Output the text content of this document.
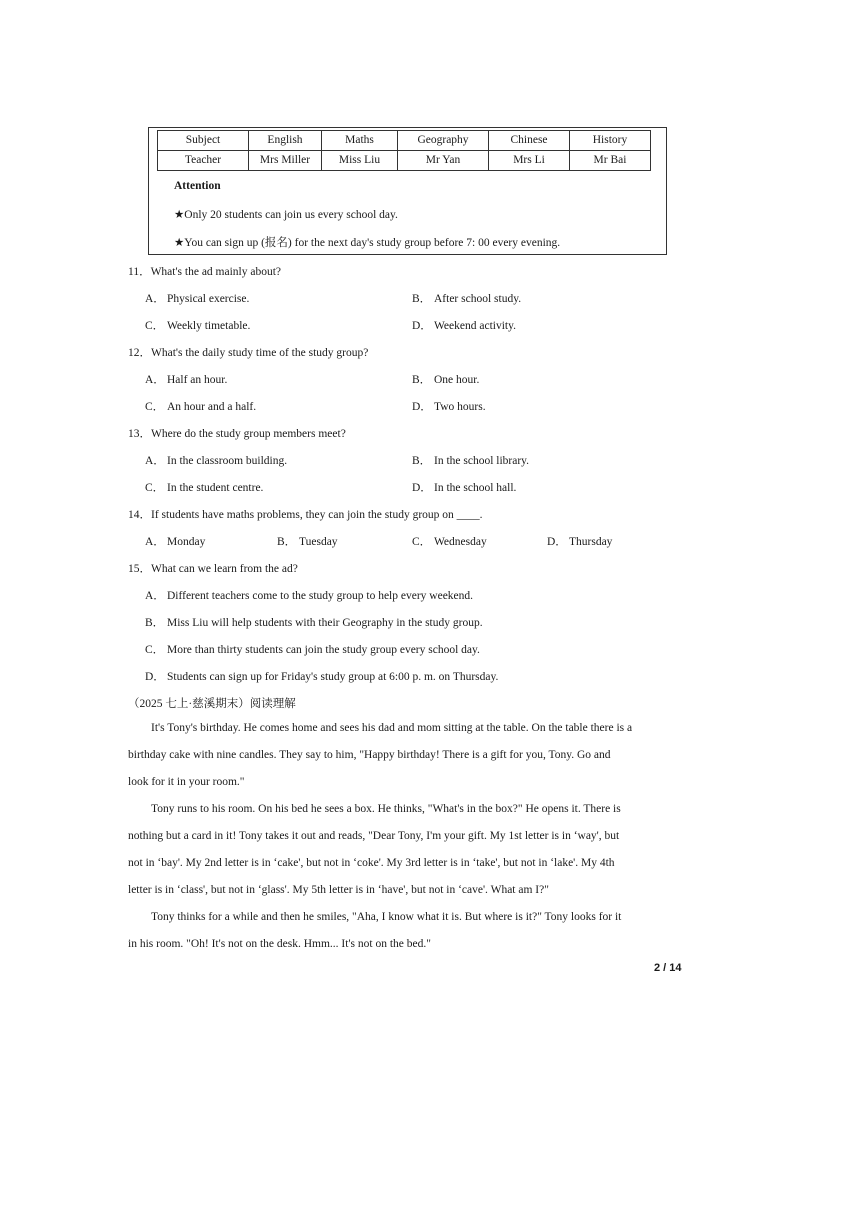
Subject	English	Maths	Geography	Chinese	History
Teacher	Mrs Miller	Miss Liu	Mr Yan	Mrs Li	Mr Bai
Attention
★Only 20 students can join us every school day.
★You can sign up (报名) for the next day's study group before 7: 00 every evening.
11．What's the ad mainly about?
A． Physical exercise.	B． After school study.
C． Weekly timetable.	D． Weekend activity.
12．What's the daily study time of the study group?
A． Half an hour.	B． One hour.
C． An hour and a half.	D． Two hours.
13．Where do the study group members meet?
A． In the classroom building.	B． In the school library.
C． In the student centre.	D． In the school hall.
14．If students have maths problems, they can join the study group on ____.
A． Monday	B． Tuesday	C． Wednesday	D． Thursday
15．What can we learn from the ad?
A． Different teachers come to the study group to help every weekend.
B． Miss Liu will help students with their Geography in the study group.
C． More than thirty students can join the study group every school day.
D． Students can sign up for Friday's study group at 6:00 p. m. on Thursday.
（2025 七上·慈溪期末）阅读理解
It's Tony's birthday. He comes home and sees his dad and mom sitting at the table. On the table there is a
birthday cake with nine candles. They say to him, "Happy birthday! There is a gift for you, Tony. Go and
look for it in your room."
Tony runs to his room. On his bed he sees a box. He thinks, "What's in the box?" He opens it. There is
nothing but a card in it! Tony takes it out and reads, "Dear Tony, I'm your gift. My 1st letter is in ‘way', but
not in ‘bay'. My 2nd letter is in ‘cake', but not in ‘coke'. My 3rd letter is in ‘take', but not in ‘lake'. My 4th
letter is in ‘class', but not in ‘glass'. My 5th letter is in ‘have', but not in ‘cave'. What am I?"
Tony thinks for a while and then he smiles, "Aha, I know what it is. But where is it?" Tony looks for it
in his room. "Oh! It's not on the desk. Hmm... It's not on the bed."
2 / 14
